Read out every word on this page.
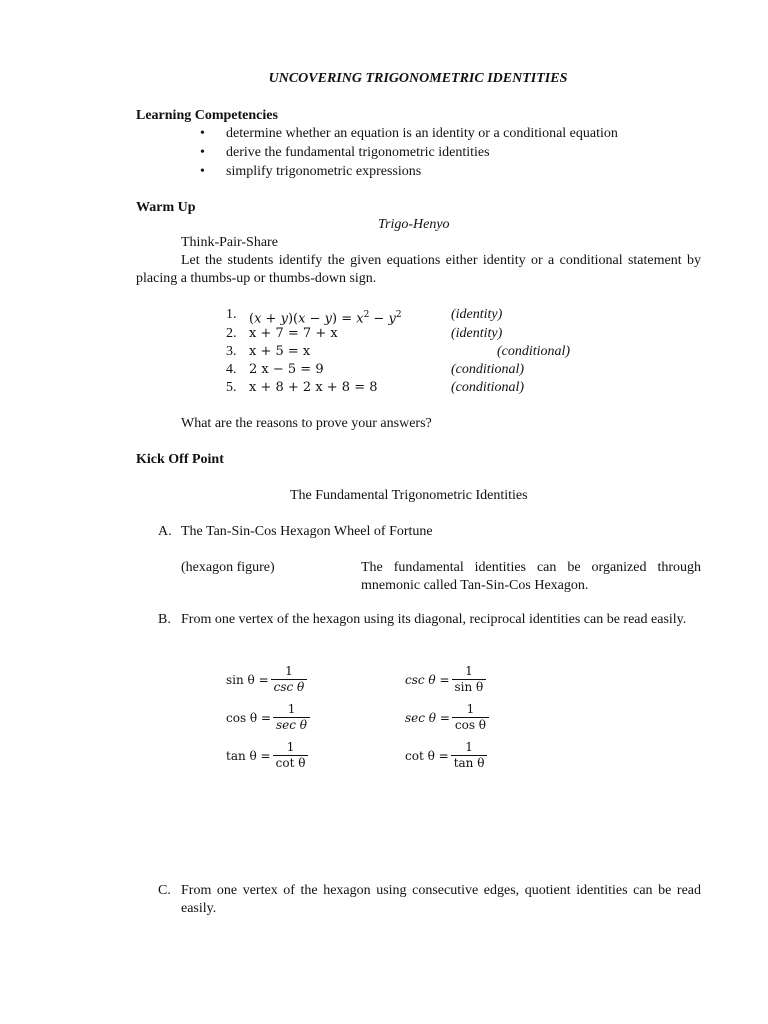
UNCOVERING TRIGONOMETRIC IDENTITIES
Learning Competencies
• determine whether an equation is an identity or a conditional equation
• derive the fundamental trigonometric identities
• simplify trigonometric expressions
Warm Up
Trigo-Henyo
Think-Pair-Share
Let the students identify the given equations either identity or a conditional statement by placing a thumbs-up or thumbs-down sign.
1. $(x + y)(x - y) = x^2 - y^2$	(identity)
2. x + 7 = 7 + x	(identity)
3. x + 5 = x	(conditional)
4. 2 x − 5 = 9	(conditional)
5. x + 8 + 2 x + 8 = 8	(conditional)
What are the reasons to prove your answers?
Kick Off Point
The Fundamental Trigonometric Identities
A. The Tan-Sin-Cos Hexagon Wheel of Fortune
(hexagon figure)	The fundamental identities can be organized through mnemonic called Tan-Sin-Cos Hexagon.
B. From one vertex of the hexagon using its diagonal, reciprocal identities can be read easily.
$\sin \theta = \frac{1}{\text{csc θ}}$	$\csc \theta = \frac{1}{\text{sin θ}}$
$\cos \theta = \frac{1}{\text{sec θ}}$	$\sec \theta = \frac{1}{\text{cos θ}}$
$\tan \theta = \frac{1}{\text{cot θ}}$	$\cot \theta = \frac{1}{\text{tan θ}}$
C. From one vertex of the hexagon using consecutive edges, quotient identities can be read easily.
